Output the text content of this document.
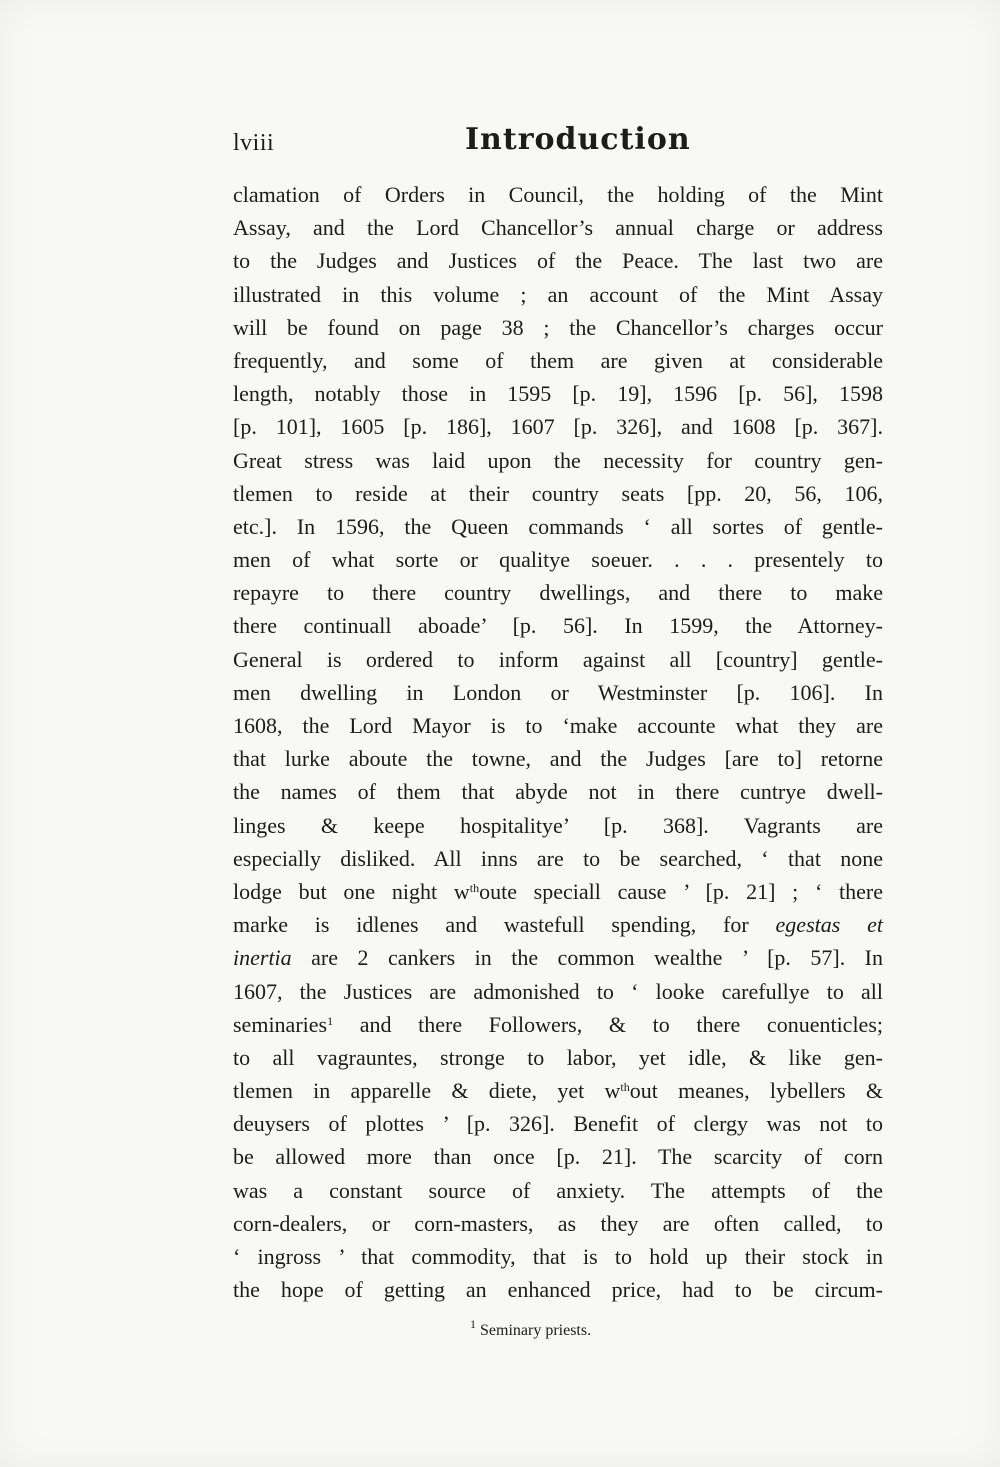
lviii	Introduction
clamation of Orders in Council, the holding of the Mint
Assay, and the Lord Chancellor’s annual charge or address
to the Judges and Justices of the Peace. The last two are
illustrated in this volume ; an account of the Mint Assay
will be found on page 38 ; the Chancellor’s charges occur
frequently, and some of them are given at considerable
length, notably those in 1595 [p. 19], 1596 [p. 56], 1598
[p. 101], 1605 [p. 186], 1607 [p. 326], and 1608 [p. 367].
Great stress was laid upon the necessity for country gen-
tlemen to reside at their country seats [pp. 20, 56, 106,
etc.]. In 1596, the Queen commands ‘ all sortes of gentle-
men of what sorte or qualitye soeuer. . . . presentely to
repayre to there country dwellings, and there to make
there continuall aboade’ [p. 56]. In 1599, the Attorney-
General is ordered to inform against all [country] gentle-
men dwelling in London or Westminster [p. 106]. In
1608, the Lord Mayor is to ‘make accounte what they are
that lurke aboute the towne, and the Judges [are to] retorne
the names of them that abyde not in there cuntrye dwell-
linges & keepe hospitalitye’ [p. 368]. Vagrants are
especially disliked. All inns are to be searched, ‘ that none
lodge but one night $w^{th}oute$ speciall cause ’ [p. 21] ; ‘ there
marke is idlenes and wastefull spending, for egestas et
inertia are 2 cankers in the common wealthe ’ [p. 57]. In
1607, the Justices are admonished to ‘ looke carefullye to all
seminaries$^1$ and there Followers, & to there conuenticles;
to all vagrauntes, stronge to labor, yet idle, & like gen-
tlemen in apparelle & diete, yet $w^{th}out$ meanes, lybellers &
deuysers of plottes ’ [p. 326]. Benefit of clergy was not to
be allowed more than once [p. 21]. The scarcity of corn
was a constant source of anxiety. The attempts of the
corn-dealers, or corn-masters, as they are often called, to
‘ ingross ’ that commodity, that is to hold up their stock in
the hope of getting an enhanced price, had to be circum-
$^1$ Seminary priests.
